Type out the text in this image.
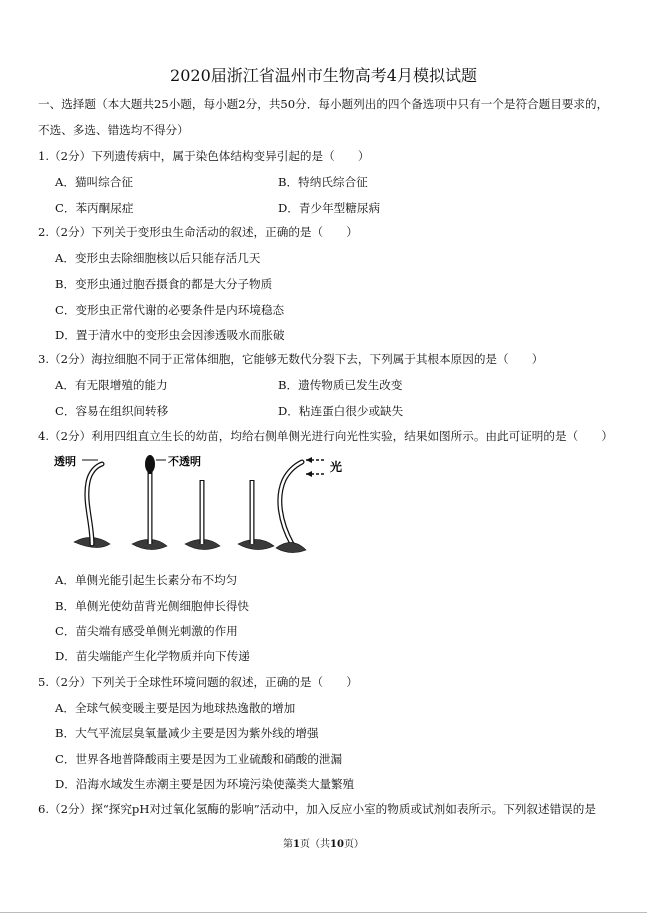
2020届浙江省温州市生物高考4月模拟试题
一、选择题（本大题共25小题，每小题2分，共50分．每小题列出的四个备选项中只有一个是符合题目要求的，
不选、多选、错选均不得分）
1.（2分）下列遗传病中，属于染色体结构变异引起的是（　　）
A．猫叫综合征	B．特纳氏综合征
C．苯丙酮尿症	D．青少年型糖尿病
2.（2分）下列关于变形虫生命活动的叙述，正确的是（　　）
A．变形虫去除细胞核以后只能存活几天
B．变形虫通过胞吞摄食的都是大分子物质
C．变形虫正常代谢的必要条件是内环境稳态
D．置于清水中的变形虫会因渗透吸水而胀破
3.（2分）海拉细胞不同于正常体细胞，它能够无数代分裂下去，下列属于其根本原因的是（　　）
A．有无限增殖的能力	B．遗传物质已发生改变
C．容易在组织间转移	D．粘连蛋白很少或缺失
4.（2分）利用四组直立生长的幼苗，均给右侧单侧光进行向光性实验，结果如图所示。由此可证明的是（　　）
透明	不透明	光
A．单侧光能引起生长素分布不均匀
B．单侧光使幼苗背光侧细胞伸长得快
C．苗尖端有感受单侧光刺激的作用
D．苗尖端能产生化学物质并向下传递
5.（2分）下列关于全球性环境问题的叙述，正确的是（　　）
A．全球气候变暖主要是因为地球热逸散的增加
B．大气平流层臭氧量减少主要是因为紫外线的增强
C．世界各地普降酸雨主要是因为工业硫酸和硝酸的泄漏
D．沿海水域发生赤潮主要是因为环境污染使藻类大量繁殖
6.（2分）探“探究pH对过氧化氢酶的影响”活动中，加入反应小室的物质或试剂如表所示。下列叙述错误的是
第1页（共10页）
